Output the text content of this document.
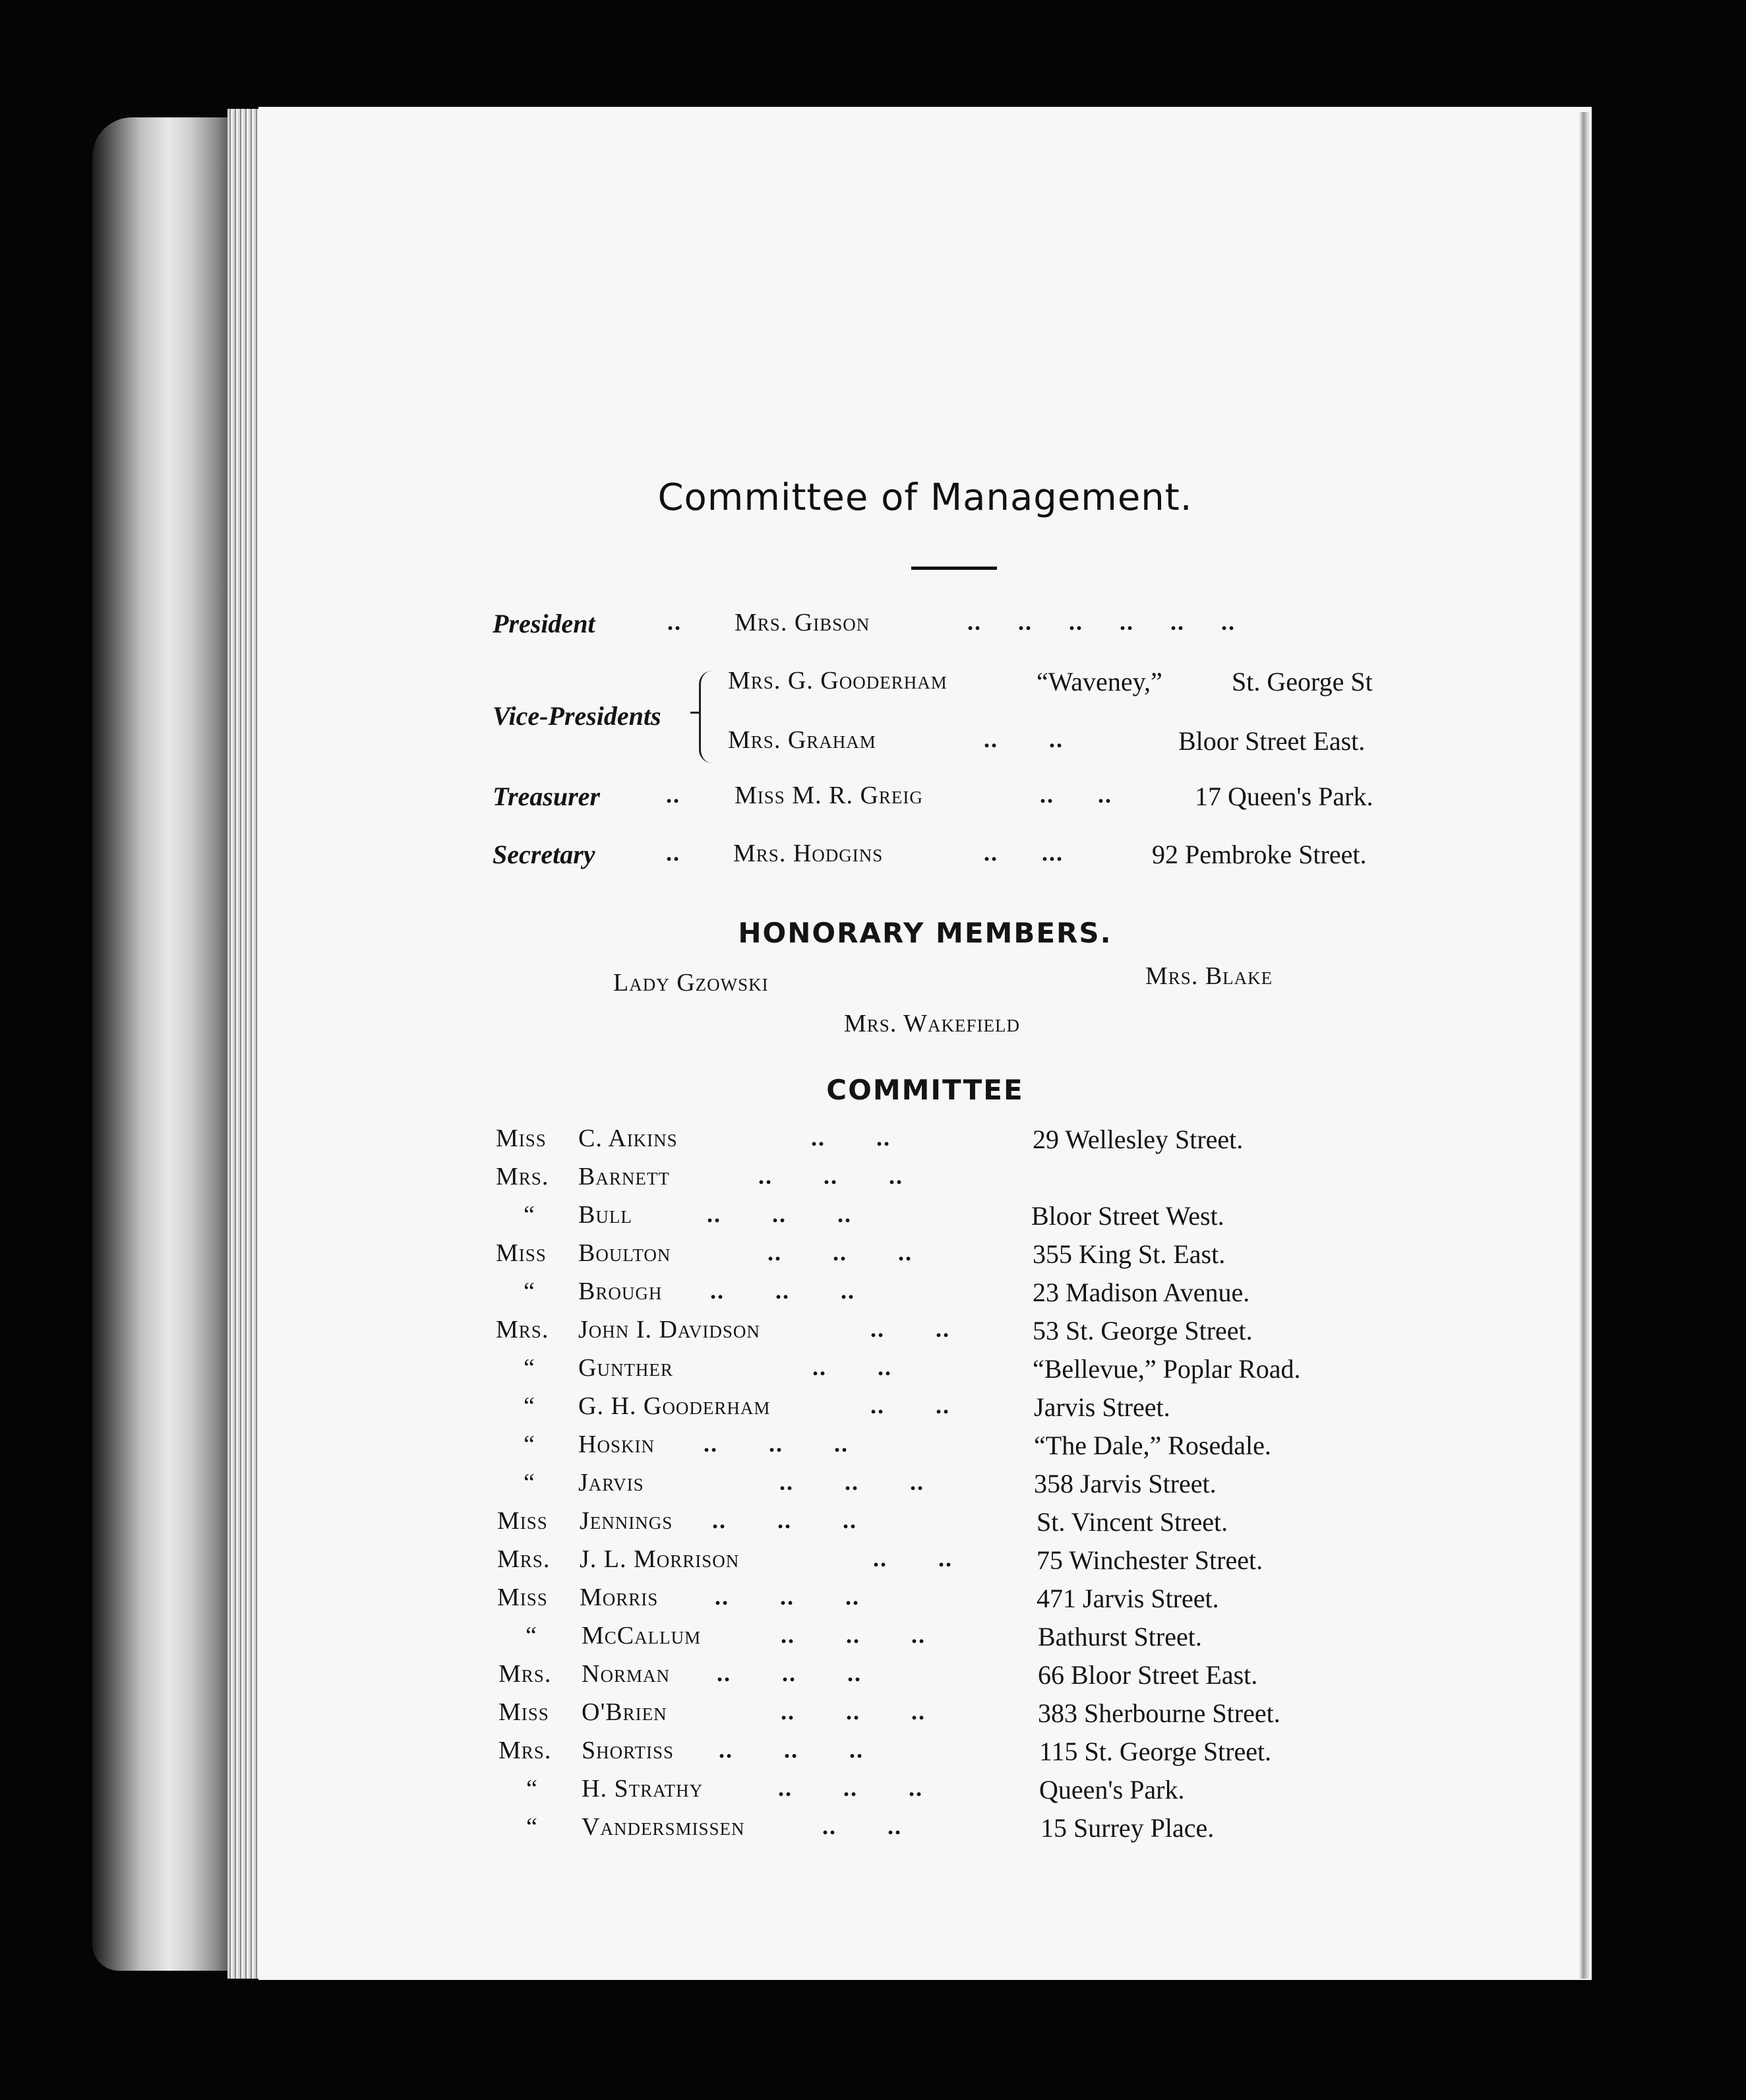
Committee of Management.
President	.. Mrs. Gibson	..     ..     ..     ..     ..     ..
Vice-Presidents
Mrs. G. Gooderham	“Waveney,”	St. George St
Mrs. Graham	..       ..	Bloor Street East.
Treasurer	.. Miss M. R. Greig	..      ..	17 Queen's Park.
Secretary	.. Mrs. Hodgins	..      ...	92 Pembroke Street.
HONORARY MEMBERS.
Lady Gzowski	Mrs. Blake
Mrs. Wakefield
COMMITTEE
Miss C. Aikins	..       ..	29 Wellesley Street.
Mrs. Barnett	..       ..       ..
“ Bull	..       ..       ..	Bloor Street West.
Miss Boulton	..       ..       ..	355 King St. East.
“ Brough ..       ..       ..	23 Madison Avenue.
Mrs. John I. Davidson	..       ..	53 St. George Street.
“ Gunther	..       ..	“Bellevue,” Poplar Road.
“ G. H. Gooderham	..       ..	Jarvis Street.
“ Hoskin ..       ..       ..	“The Dale,” Rosedale.
“ Jarvis	..       ..       ..	358 Jarvis Street.
Miss Jennings ..       ..       ..	St. Vincent Street.
Mrs. J. L. Morrison	..       ..	75 Winchester Street.
Miss Morris ..       ..       ..	471 Jarvis Street.
“ McCallum	..       ..       ..	Bathurst Street.
Mrs. Norman ..       ..       ..	66 Bloor Street East.
Miss O'Brien	..       ..       ..	383 Sherbourne Street.
Mrs. Shortiss ..       ..       ..	115 St. George Street.
“ H. Strathy	..       ..       ..	Queen's Park.
“ Vandersmissen	..       ..	15 Surrey Place.
